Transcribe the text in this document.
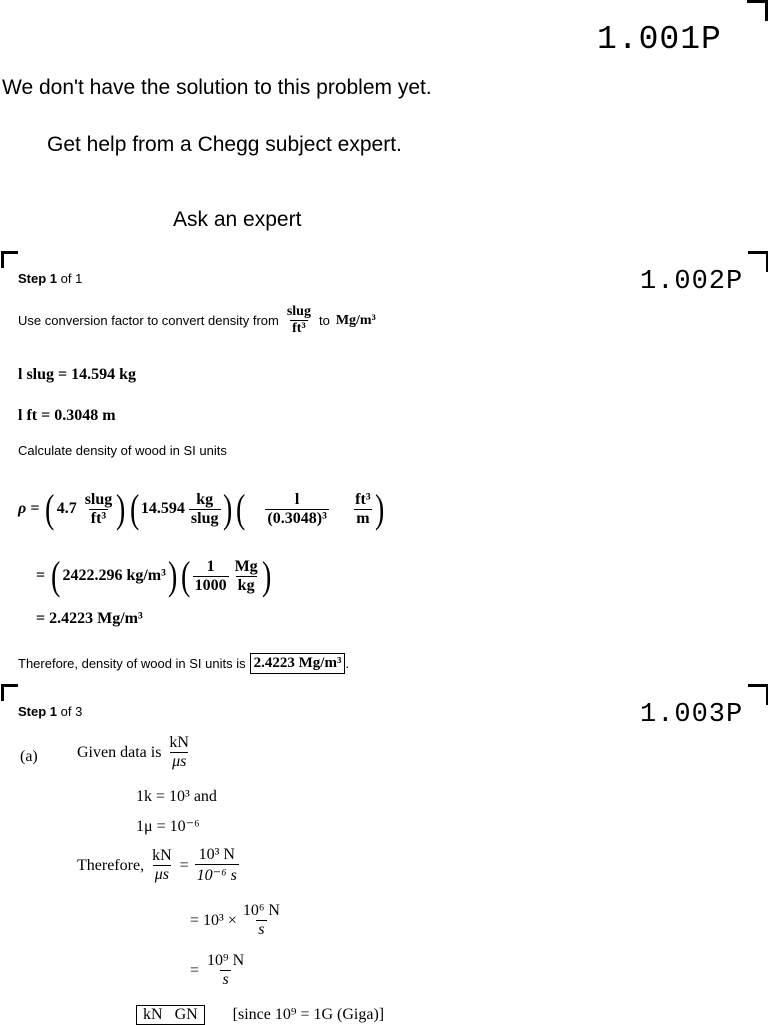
1.001P
We don't have the solution to this problem yet.
Get help from a Chegg subject expert.
Ask an expert
1.002P
Step 1 of 1
Use conversion factor to convert density from $\frac{\text{slug}}{\text{ft³}}$ to Mg/m³
l slug = 14.594 kg
l ft = 0.3048 m
Calculate density of wood in SI units
ρ = ( $4.7 \frac{\text{slug}}{\text{ft³}}$ ) ( $14.594 \frac{kg}{\text{slug}}$ ) ( $\frac{l}{\text{(0.3048)³}} \frac{\text{ft³}}{m}$ )
= ( 2422.296 kg/m³ ) ( $\frac{1}{1000} \frac{Mg}{kg}$ )
= 2.4223 Mg/m³
Therefore, density of wood in SI units is 2.4223 Mg/m³ .
1.003P
Step 1 of 3
(a) Given data is $\frac{kN}{\mu s}$
1k = 10³ and
1μ = 10⁻⁶
Therefore, $\frac{kN}{\mu s} = \frac{\text{10³ N}}{\text{10⁻⁶ s}}$
= $10^3 \times \frac{\text{10⁶ N}}{s}$
= $\frac{\text{10⁹ N}}{s}$
kN GN	[since 10⁹ = 1G (Giga)]
